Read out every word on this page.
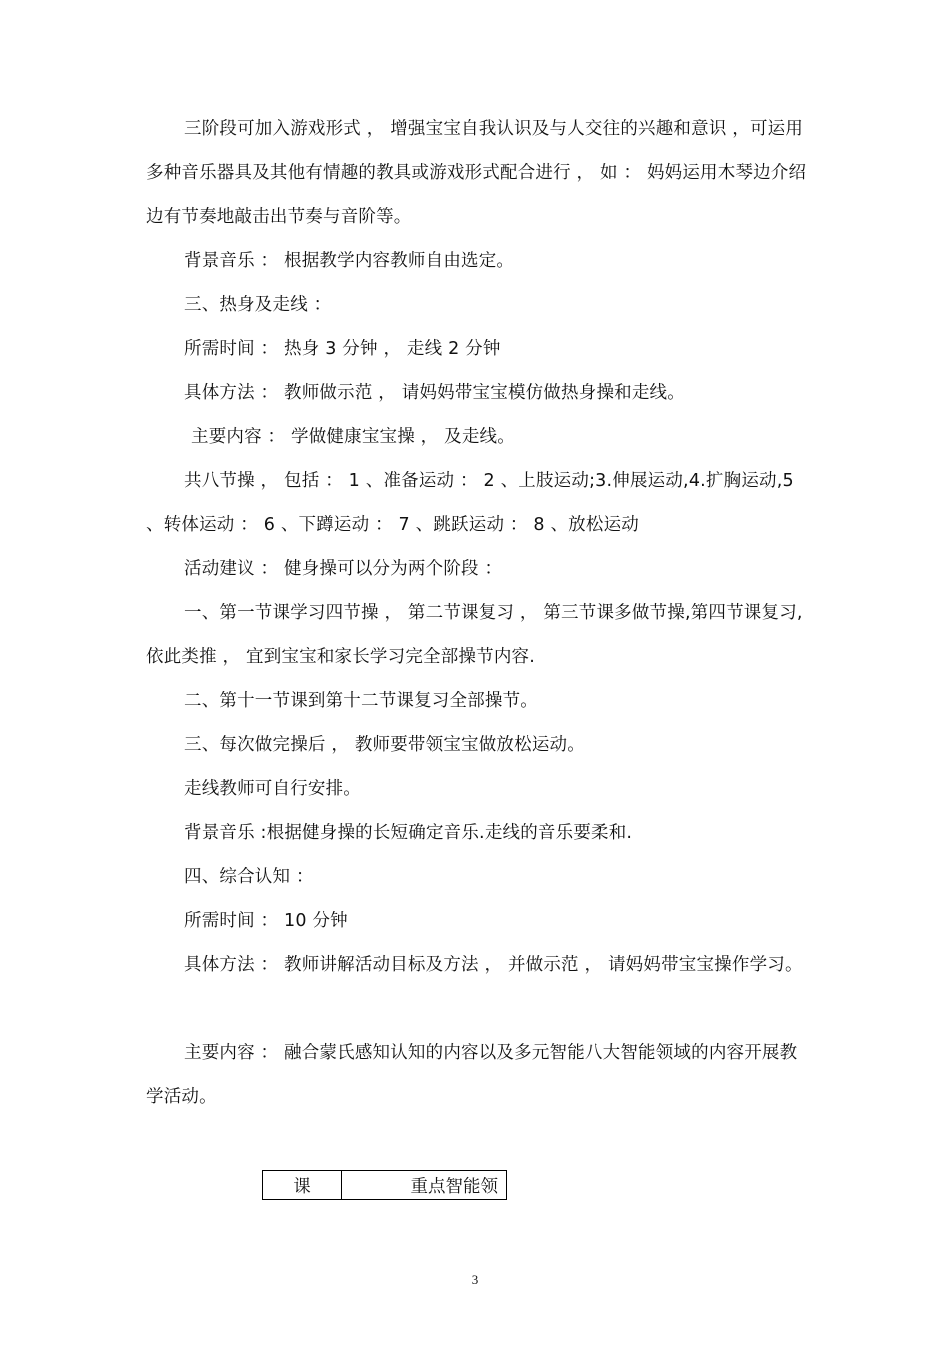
三阶段可加入游戏形式 ， 增强宝宝自我认识及与人交往的兴趣和意识 ，可运用多种音乐器具及其他有情趣的教具或游戏形式配合进行 ， 如 ： 妈妈运用木琴边介绍边有节奏地敲击出节奏与音阶等。

背景音乐 ： 根据教学内容教师自由选定。

三、热身及走线 ：

所需时间 ： 热身 3 分钟 ， 走线 2 分钟

具体方法 ： 教师做示范 ， 请妈妈带宝宝模仿做热身操和走线。

主要内容 ： 学做健康宝宝操 ， 及走线。

共八节操 ， 包括 ： 1 、准备运动 ： 2 、上肢运动;3.伸展运动,4.扩胸运动,5 、转体运动 ： 6 、下蹲运动 ： 7 、跳跃运动 ： 8 、放松运动

活动建议 ： 健身操可以分为两个阶段 ：

一、第一节课学习四节操 ， 第二节课复习 ， 第三节课多做节操,第四节课复习,依此类推 ， 宜到宝宝和家长学习完全部操节内容.

二、第十一节课到第十二节课复习全部操节。

三、每次做完操后 ， 教师要带领宝宝做放松运动。

走线教师可自行安排。

背景音乐 :根据健身操的长短确定音乐.走线的音乐要柔和.

四、综合认知 ：

所需时间 ： 10 分钟

具体方法 ： 教师讲解活动目标及方法 ， 并做示范 ， 请妈妈带宝宝操作学习。

主要内容 ： 融合蒙氏感知认知的内容以及多元智能八大智能领域的内容开展教学活动。

课	重点智能领
3
